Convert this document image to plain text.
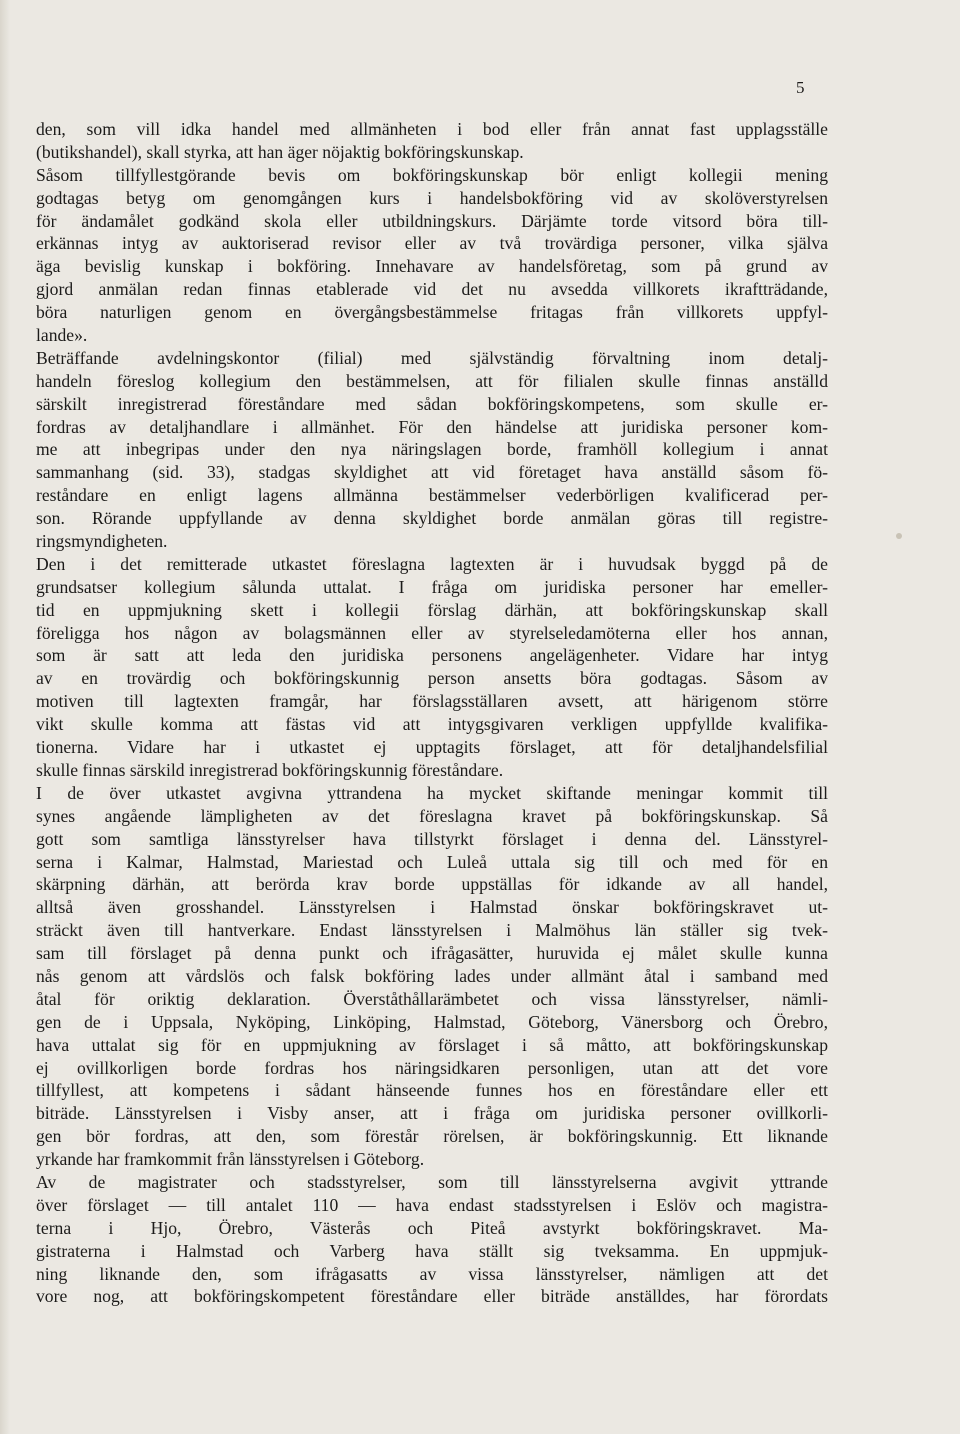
5
den, som vill idka handel med allmänheten i bod eller från annat fast upplagsställe
(butikshandel), skall styrka, att han äger nöjaktig bokföringskunskap.
Såsom tillfyllestgörande bevis om bokföringskunskap bör enligt kollegii mening
godtagas betyg om genomgången kurs i handelsbokföring vid av skolöverstyrelsen
för ändamålet godkänd skola eller utbildningskurs. Därjämte torde vitsord böra till-
erkännas intyg av auktoriserad revisor eller av två trovärdiga personer, vilka själva
äga bevislig kunskap i bokföring. Innehavare av handelsföretag, som på grund av
gjord anmälan redan finnas etablerade vid det nu avsedda villkorets ikraftträdande,
böra naturligen genom en övergångsbestämmelse fritagas från villkorets uppfyl-
lande».
Beträffande avdelningskontor (filial) med självständig förvaltning inom detalj-
handeln föreslog kollegium den bestämmelsen, att för filialen skulle finnas anställd
särskilt inregistrerad föreståndare med sådan bokföringskompetens, som skulle er-
fordras av detaljhandlare i allmänhet. För den händelse att juridiska personer kom-
me att inbegripas under den nya näringslagen borde, framhöll kollegium i annat
sammanhang (sid. 33), stadgas skyldighet att vid företaget hava anställd såsom fö-
reståndare en enligt lagens allmänna bestämmelser vederbörligen kvalificerad per-
son. Rörande uppfyllande av denna skyldighet borde anmälan göras till registre-
ringsmyndigheten.
Den i det remitterade utkastet föreslagna lagtexten är i huvudsak byggd på de
grundsatser kollegium sålunda uttalat. I fråga om juridiska personer har emeller-
tid en uppmjukning skett i kollegii förslag därhän, att bokföringskunskap skall
föreligga hos någon av bolagsmännen eller av styrelseledamöterna eller hos annan,
som är satt att leda den juridiska personens angelägenheter. Vidare har intyg
av en trovärdig och bokföringskunnig person ansetts böra godtagas. Såsom av
motiven till lagtexten framgår, har förslagsställaren avsett, att härigenom större
vikt skulle komma att fästas vid att intygsgivaren verkligen uppfyllde kvalifika-
tionerna. Vidare har i utkastet ej upptagits förslaget, att för detaljhandelsfilial
skulle finnas särskild inregistrerad bokföringskunnig föreståndare.
I de över utkastet avgivna yttrandena ha mycket skiftande meningar kommit till
synes angående lämpligheten av det föreslagna kravet på bokföringskunskap. Så
gott som samtliga länsstyrelser hava tillstyrkt förslaget i denna del. Länsstyrel-
serna i Kalmar, Halmstad, Mariestad och Luleå uttala sig till och med för en
skärpning därhän, att berörda krav borde uppställas för idkande av all handel,
alltså även grosshandel. Länsstyrelsen i Halmstad önskar bokföringskravet ut-
sträckt även till hantverkare. Endast länsstyrelsen i Malmöhus län ställer sig tvek-
sam till förslaget på denna punkt och ifrågasätter, huruvida ej målet skulle kunna
nås genom att vårdslös och falsk bokföring lades under allmänt åtal i samband med
åtal för oriktig deklaration. Överståthållarämbetet och vissa länsstyrelser, nämli-
gen de i Uppsala, Nyköping, Linköping, Halmstad, Göteborg, Vänersborg och Örebro,
hava uttalat sig för en uppmjukning av förslaget i så måtto, att bokföringskunskap
ej ovillkorligen borde fordras hos näringsidkaren personligen, utan att det vore
tillfyllest, att kompetens i sådant hänseende funnes hos en föreståndare eller ett
biträde. Länsstyrelsen i Visby anser, att i fråga om juridiska personer ovillkorli-
gen bör fordras, att den, som förestår rörelsen, är bokföringskunnig. Ett liknande
yrkande har framkommit från länsstyrelsen i Göteborg.
Av de magistrater och stadsstyrelser, som till länsstyrelserna avgivit yttrande
över förslaget — till antalet 110 — hava endast stadsstyrelsen i Eslöv och magistra-
terna i Hjo, Örebro, Västerås och Piteå avstyrkt bokföringskravet. Ma-
gistraterna i Halmstad och Varberg hava ställt sig tveksamma. En uppmjuk-
ning liknande den, som ifrågasatts av vissa länsstyrelser, nämligen att det
vore nog, att bokföringskompetent föreståndare eller biträde anställdes, har förordats
